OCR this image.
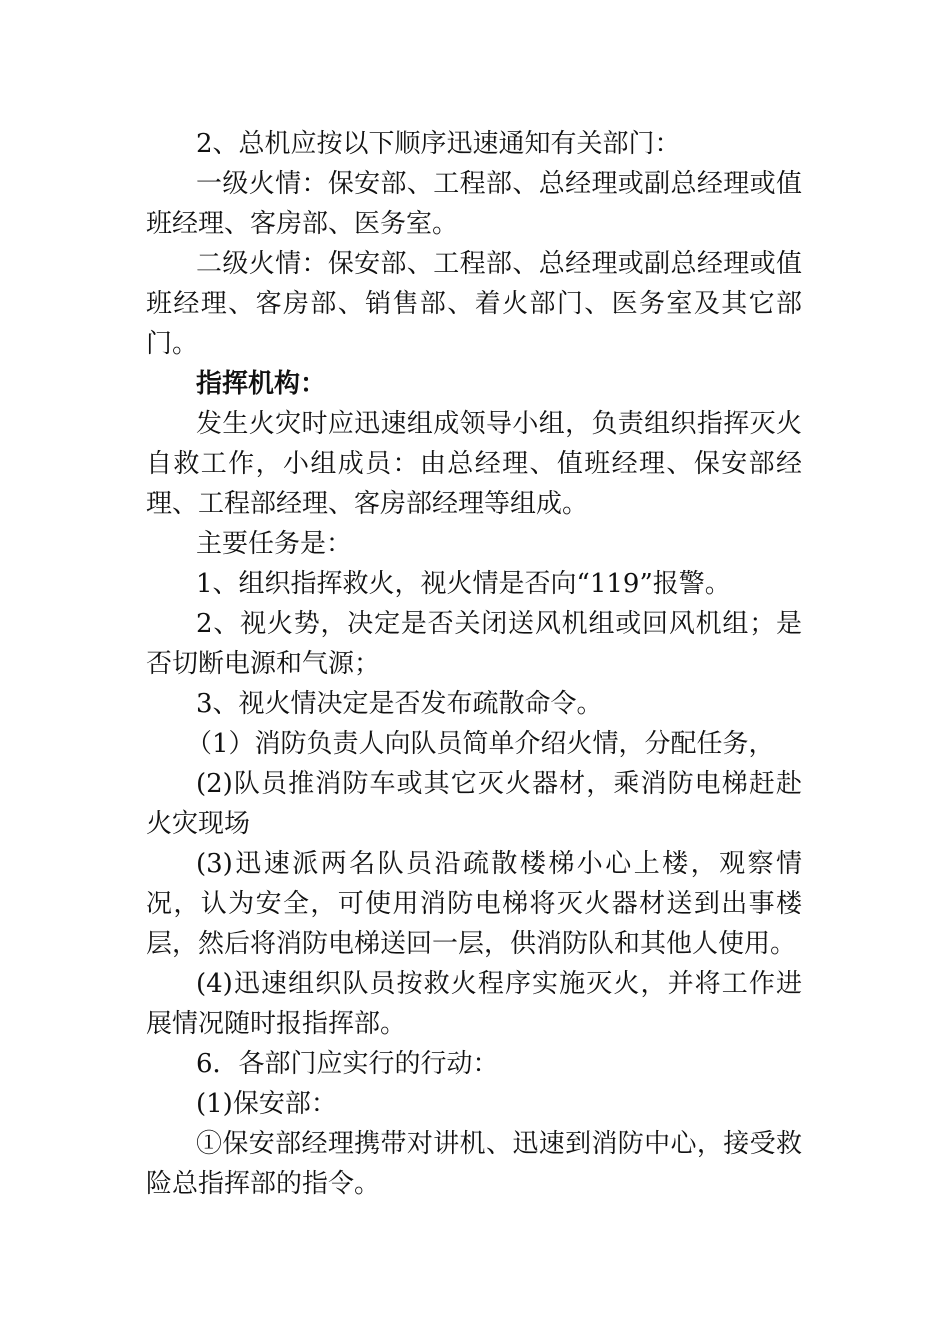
2、总机应按以下顺序迅速通知有关部门：

一级火情：保安部、工程部、总经理或副总经理或值班经理、客房部、医务室。

二级火情：保安部、工程部、总经理或副总经理或值班经理、客房部、销售部、着火部门、医务室及其它部门。

指挥机构：

发生火灾时应迅速组成领导小组，负责组织指挥灭火自救工作，小组成员：由总经理、值班经理、保安部经理、工程部经理、客房部经理等组成。

主要任务是：

1、组织指挥救火，视火情是否向“119”报警。

2、视火势，决定是否关闭送风机组或回风机组；是否切断电源和气源；

3、视火情决定是否发布疏散命令。

（1）消防负责人向队员简单介绍火情，分配任务，

(2)队员推消防车或其它灭火器材，乘消防电梯赶赴火灾现场

(3)迅速派两名队员沿疏散楼梯小心上楼，观察情况，认为安全，可使用消防电梯将灭火器材送到出事楼层，然后将消防电梯送回一层，供消防队和其他人使用。

(4)迅速组织队员按救火程序实施灭火，并将工作进展情况随时报指挥部。

6．各部门应实行的行动：

(1)保安部：

①保安部经理携带对讲机、迅速到消防中心，接受救险总指挥部的指令。
